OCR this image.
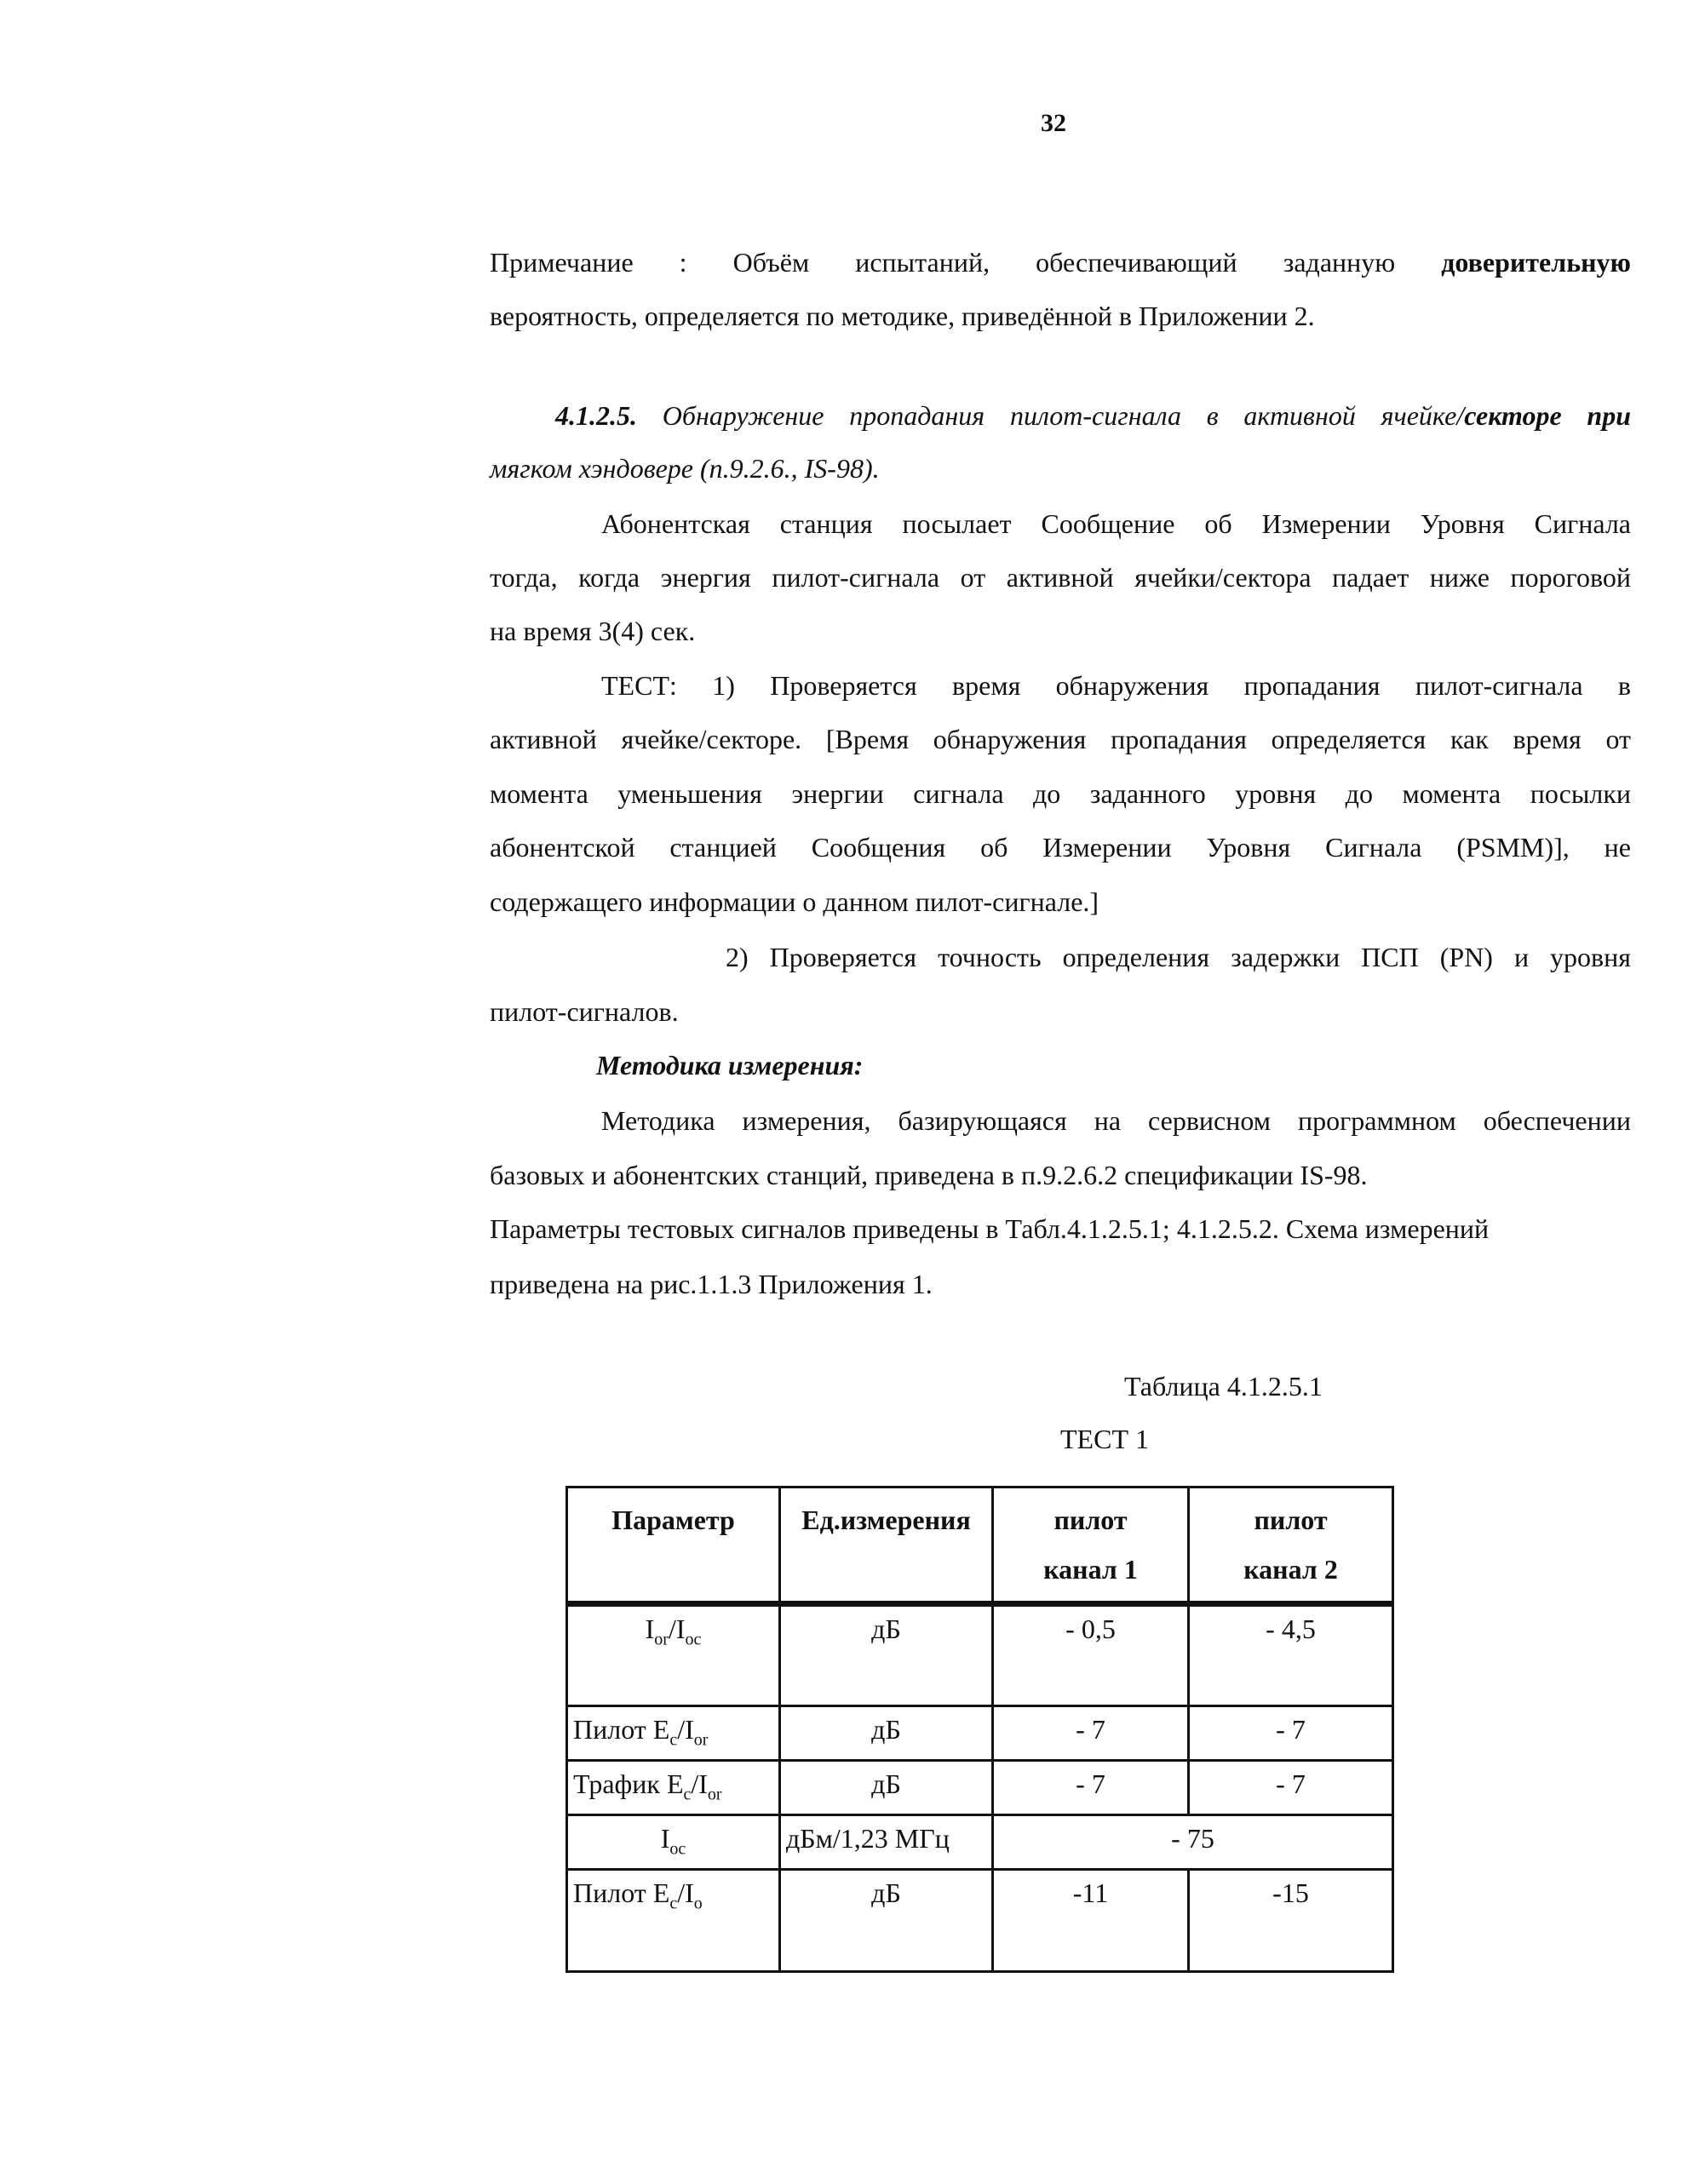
32
Примечание : Объём испытаний, обеспечивающий заданную доверительную
вероятность, определяется по методике, приведённой в Приложении 2.
4.1.2.5. Обнаружение пропадания пилот-сигнала в активной ячейке/секторе при
мягком хэндовере (п.9.2.6., IS-98).
Абонентская станция посылает Сообщение об Измерении Уровня Сигнала
тогда, когда энергия пилот-сигнала от активной ячейки/сектора падает ниже пороговой
на время 3(4) сек.
ТЕСТ: 1) Проверяется время обнаружения пропадания пилот-сигнала в
активной ячейке/секторе. [Время обнаружения пропадания определяется как время от
момента уменьшения энергии сигнала до заданного уровня до момента посылки
абонентской станцией Сообщения об Измерении Уровня Сигнала (PSMM)], не
содержащего информации о данном пилот-сигнале.]
2) Проверяется точность определения задержки ПСП (PN) и уровня
пилот-сигналов.
Методика измерения:
Методика измерения, базирующаяся на сервисном программном обеспечении
базовых и абонентских станций, приведена в п.9.2.6.2 спецификации IS-98.
Параметры тестовых сигналов приведены в Табл.4.1.2.5.1; 4.1.2.5.2. Схема измерений
приведена на рис.1.1.3 Приложения 1.
Таблица 4.1.2.5.1
ТЕСТ 1
Параметр	Ед.измерения	пилот канал 1	пилот канал 2
$I_{or}/I_{oc}$	дБ	- 0,5	- 4,5
Пилот $E_c/I_{or}$	дБ	- 7	- 7
Трафик $E_c/I_{or}$	дБ	- 7	- 7
$I_{oc}$	дБм/1,23 МГц	- 75	
Пилот $E_c/I_o$	дБ	-11	-15
